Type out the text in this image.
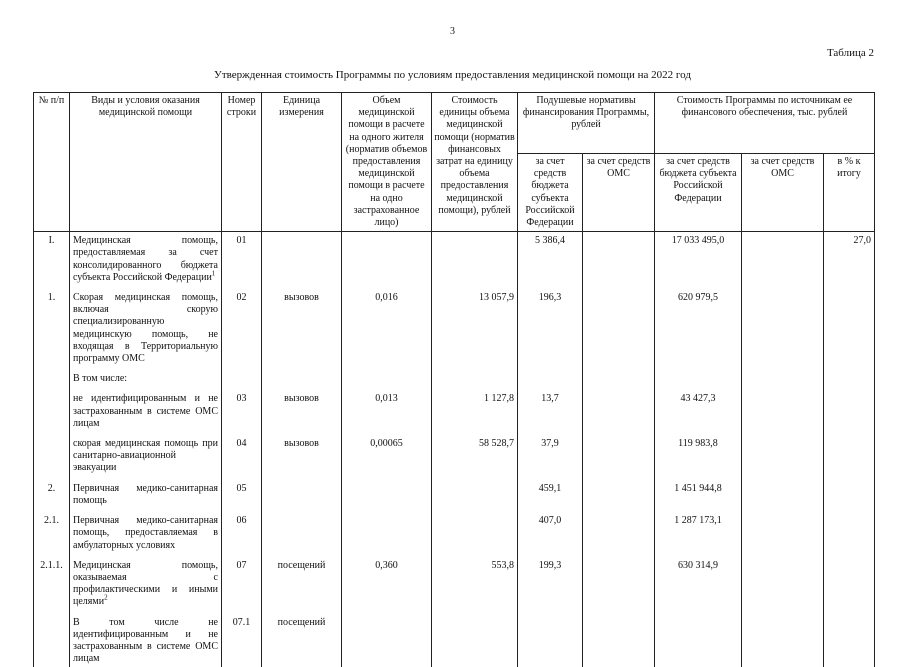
3
Таблица 2
Утвержденная стоимость Программы по условиям предоставления медицинской помощи на 2022 год
№ п/п	Виды и условия оказания медицинской помощи	Номер строки	Единица измерения	Объем медицинской помощи в расчете на одного жителя (норматив объемов предоставления медицинской помощи в расчете на одно застрахованное лицо)	Стоимость единицы объема медицинской помощи (норматив финансовых затрат на единицу объема предоставления медицинской помощи), рублей	Подушевые нормативы финансирования Программы, рублей		Стоимость Программы по источникам ее финансового обеспечения, тыс. рублей		
						за счет средств бюджета субъекта Российской Федерации	за счет средств ОМС	за счет средств бюджета субъекта Российской Федерации	за счет средств ОМС	в % к итогу
I.	Медицинская помощь, предоставляемая за счет консолидированного бюджета субъекта Российской Федерации$^1$	01				5 386,4		17 033 495,0		27,0
1.	Скорая медицинская помощь, включая скорую специализированную медицинскую помощь, не входящая в Территориальную программу ОМС	02	вызовов	0,016	13 057,9	196,3		620 979,5		
	В том числе:									
	не идентифицированным и не застрахованным в системе ОМС лицам	03	вызовов	0,013	1 127,8	13,7		43 427,3		
	скорая медицинская помощь при санитарно-авиационной эвакуации	04	вызовов	0,00065	58 528,7	37,9		119 983,8		
2.	Первичная медико-санитарная помощь	05				459,1		1 451 944,8		
2.1.	Первичная медико-санитарная помощь, предоставляемая в амбулаторных условиях	06				407,0		1 287 173,1		
2.1.1.	Медицинская помощь, оказываемая с профилактическими и иными целями$^2$	07	посещений	0,360	553,8	199,3		630 314,9		
	В том числе не идентифицированным и не застрахованным в системе ОМС лицам	07.1	посещений							
